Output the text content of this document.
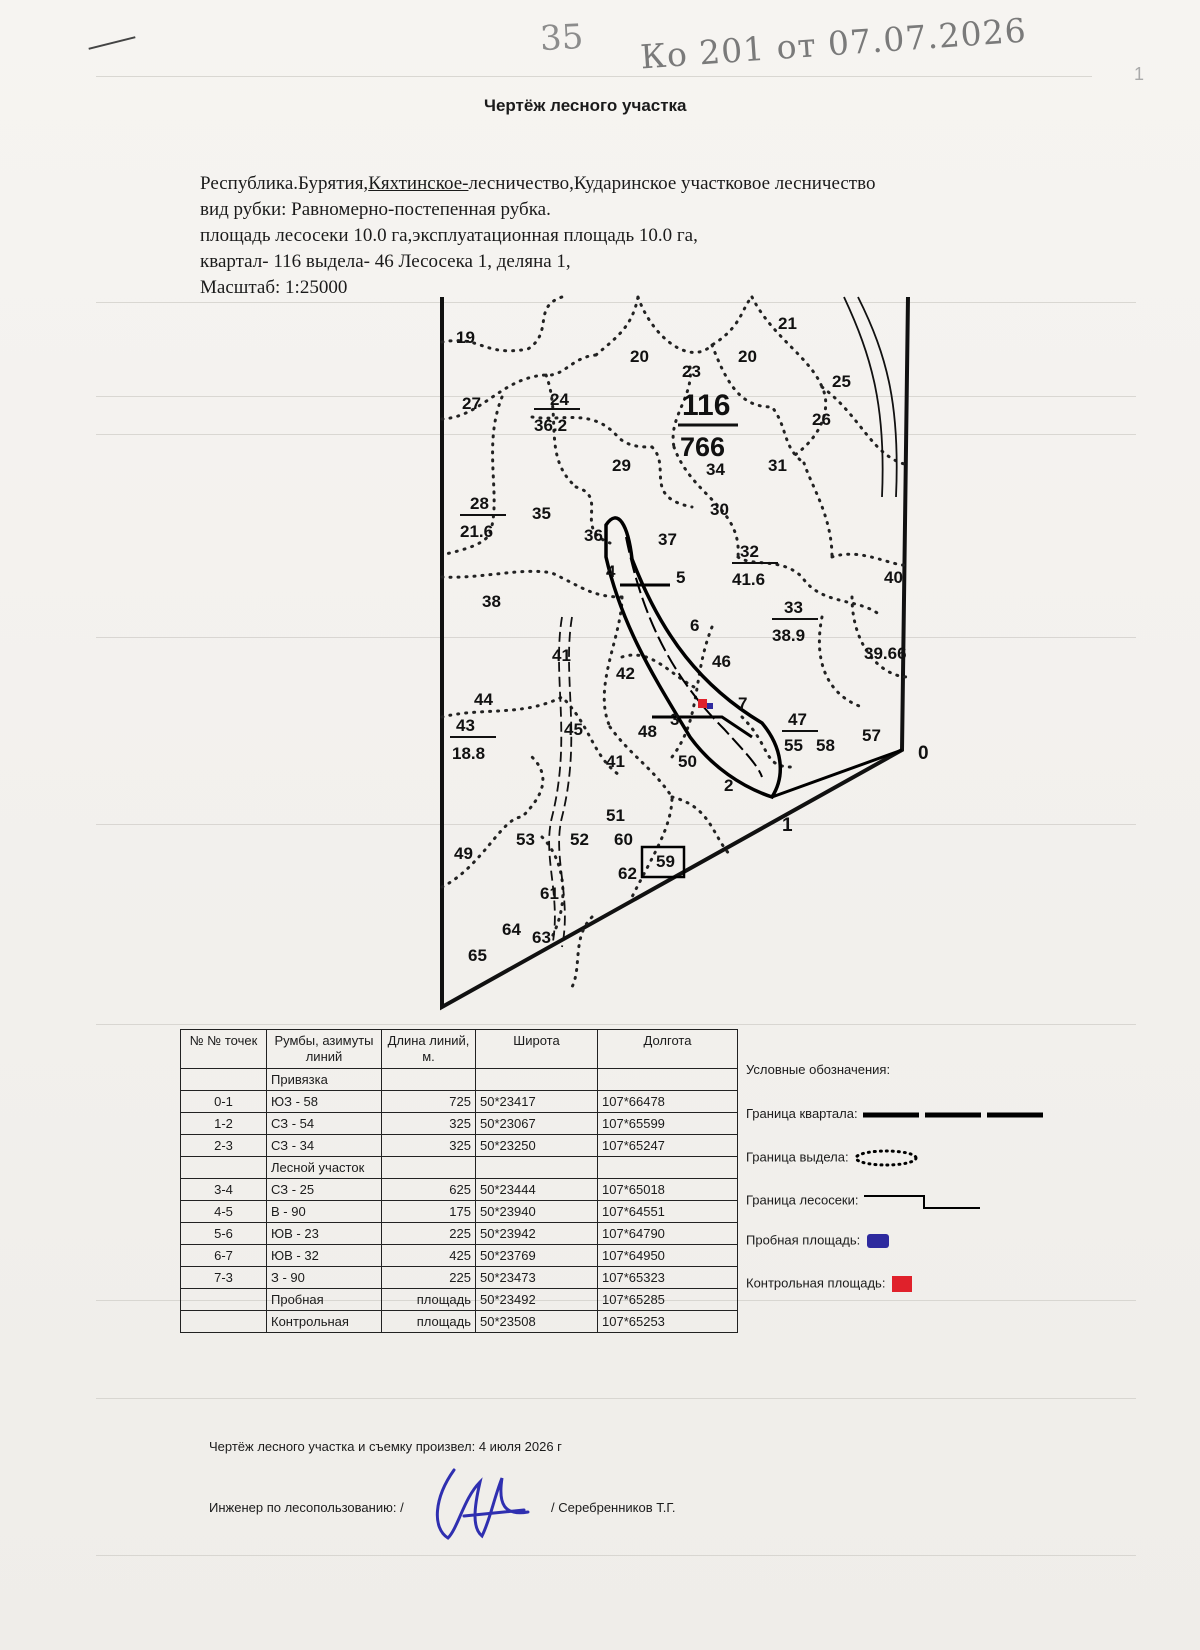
35 Ко 201 от 07.07.2026	1
Чертёж лесного участка
Республика.Бурятия,Кяхтинское-лесничество,Кударинское участковое лесничество
вид рубки: Равномерно-постепенная рубка.
площадь лесосеки 10.0 га,эксплуатационная площадь 10.0 га,
квартал- 116 выдела- 46 Лесосека 1, деляна 1,
Масштаб: 1:25000
19
20	20
21
23
116
766
34
25
26
27	24
36.2
29	31
28
21.6
35
36	37
30
32
41.6	40
38
4	5
6
33
38.9
39.66
41
42
46
44
43
18.8
45	48
3
7
47
55 58
57
0
50
41
51
60
52
53
59
62
1
49
61
64 63
65
2
№ № точек	Румбы, азимуты линий	Длина линий, м.	Широта	Долгота
	Привязка			
0-1	ЮЗ - 58	725	50*23417	107*66478
1-2	СЗ - 54	325	50*23067	107*65599
2-3	СЗ - 34	325	50*23250	107*65247
	Лесной участок			
3-4	СЗ - 25	625	50*23444	107*65018
4-5	В - 90	175	50*23940	107*64551
5-6	ЮВ - 23	225	50*23942	107*64790
6-7	ЮВ - 32	425	50*23769	107*64950
7-3	З - 90	225	50*23473	107*65323
	Пробная	площадь	50*23492	107*65285
	Контрольная	площадь	50*23508	107*65253
Условные обозначения:
Граница квартала:
Граница выдела:
Граница лесосеки:
Пробная площадь:
Контрольная площадь:
Чертёж лесного участка и съемку произвел: 4 июля 2026 г
Инженер по лесопользованию: /	/ Серебренников Т.Г.
